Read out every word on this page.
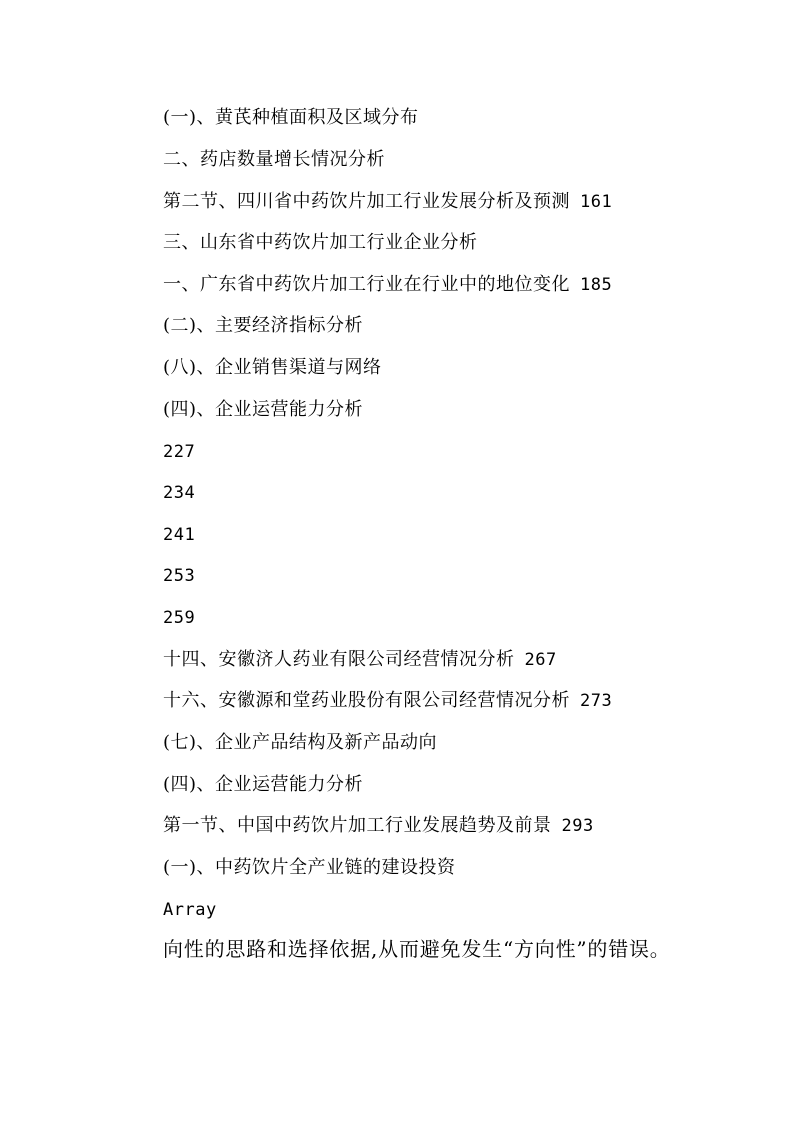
(一)、黄芪种植面积及区域分布
二、药店数量增长情况分析
第二节、四川省中药饮片加工行业发展分析及预测 161
三、山东省中药饮片加工行业企业分析
一、广东省中药饮片加工行业在行业中的地位变化 185
(二)、主要经济指标分析
(八)、企业销售渠道与网络
(四)、企业运营能力分析
227
234
241
253
259
十四、安徽济人药业有限公司经营情况分析 267
十六、安徽源和堂药业股份有限公司经营情况分析 273
(七)、企业产品结构及新产品动向
(四)、企业运营能力分析
第一节、中国中药饮片加工行业发展趋势及前景 293
(一)、中药饮片全产业链的建设投资
Array
向性的思路和选择依据,从而避免发生“方向性”的错误。
